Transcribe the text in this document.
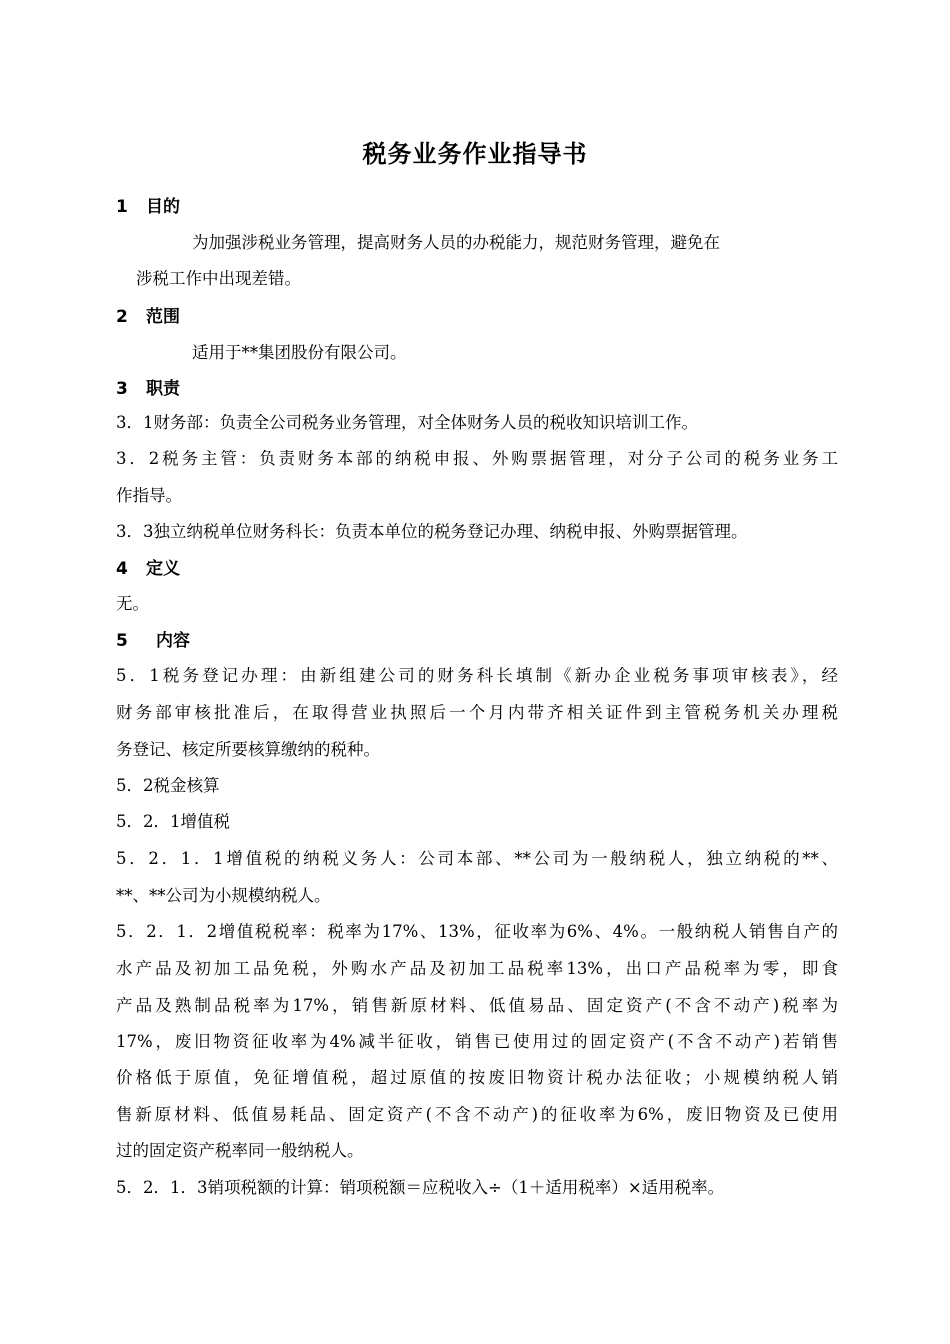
税务业务作业指导书
1 目的
为加强涉税业务管理，提高财务人员的办税能力，规范财务管理，避免在
涉税工作中出现差错。
2 范围
适用于**集团股份有限公司。
3 职责
3．1财务部：负责全公司税务业务管理，对全体财务人员的税收知识培训工作。
3．2税务主管：负责财务本部的纳税申报、外购票据管理，对分子公司的税务业务工
作指导。
3．3独立纳税单位财务科长：负责本单位的税务登记办理、纳税申报、外购票据管理。
4 定义
无。
5 内容
5．1税务登记办理：由新组建公司的财务科长填制《新办企业税务事项审核表》，经
财务部审核批准后，在取得营业执照后一个月内带齐相关证件到主管税务机关办理税
务登记、核定所要核算缴纳的税种。
5．2税金核算
5．2．1增值税
5．2．1．1增值税的纳税义务人：公司本部、**公司为一般纳税人，独立纳税的**、
**、**公司为小规模纳税人。
5．2．1．2增值税税率：税率为17%、13%，征收率为6%、4%。一般纳税人销售自产的
水产品及初加工品免税，外购水产品及初加工品税率13%，出口产品税率为零，即食
产品及熟制品税率为17%，销售新原材料、低值易品、固定资产(不含不动产)税率为
17%，废旧物资征收率为4%减半征收，销售已使用过的固定资产(不含不动产)若销售
价格低于原值，免征增值税，超过原值的按废旧物资计税办法征收；小规模纳税人销
售新原材料、低值易耗品、固定资产(不含不动产)的征收率为6%，废旧物资及已使用
过的固定资产税率同一般纳税人。
5．2．1．3销项税额的计算：销项税额＝应税收入÷（1＋适用税率）×适用税率。
